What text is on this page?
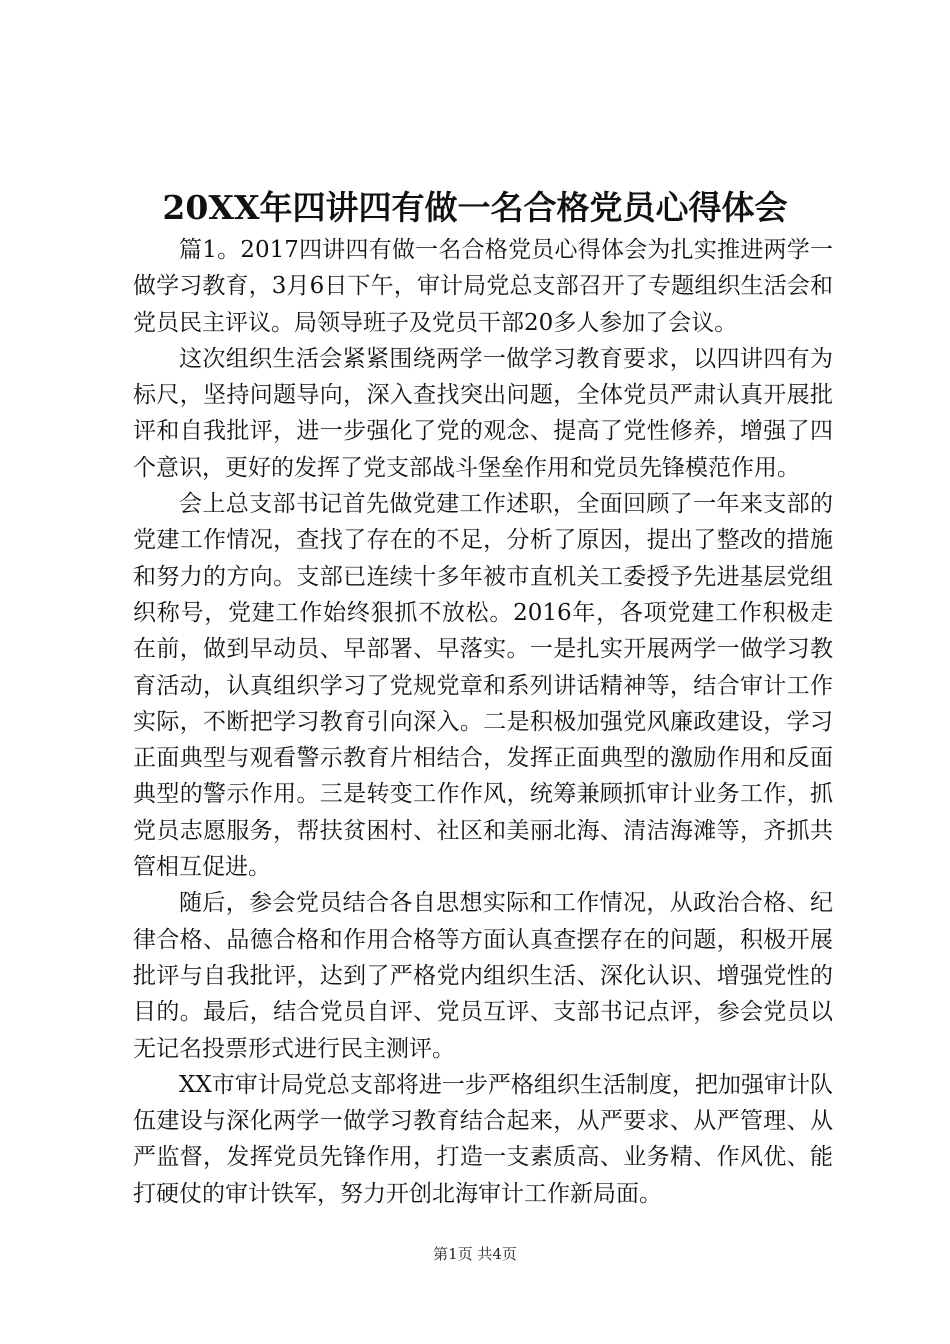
20XX年四讲四有做一名合格党员心得体会

篇1。2017四讲四有做一名合格党员心得体会为扎实推进两学一做学习教育，3月6日下午，审计局党总支部召开了专题组织生活会和党员民主评议。局领导班子及党员干部20多人参加了会议。

这次组织生活会紧紧围绕两学一做学习教育要求，以四讲四有为标尺，坚持问题导向，深入查找突出问题，全体党员严肃认真开展批评和自我批评，进一步强化了党的观念、提高了党性修养，增强了四个意识，更好的发挥了党支部战斗堡垒作用和党员先锋模范作用。

会上总支部书记首先做党建工作述职，全面回顾了一年来支部的党建工作情况，查找了存在的不足，分析了原因，提出了整改的措施和努力的方向。支部已连续十多年被市直机关工委授予先进基层党组织称号，党建工作始终狠抓不放松。2016年，各项党建工作积极走在前，做到早动员、早部署、早落实。一是扎实开展两学一做学习教育活动，认真组织学习了党规党章和系列讲话精神等，结合审计工作实际，不断把学习教育引向深入。二是积极加强党风廉政建设，学习正面典型与观看警示教育片相结合，发挥正面典型的激励作用和反面典型的警示作用。三是转变工作作风，统筹兼顾抓审计业务工作，抓党员志愿服务，帮扶贫困村、社区和美丽北海、清洁海滩等，齐抓共管相互促进。

随后，参会党员结合各自思想实际和工作情况，从政治合格、纪律合格、品德合格和作用合格等方面认真查摆存在的问题，积极开展批评与自我批评，达到了严格党内组织生活、深化认识、增强党性的目的。最后，结合党员自评、党员互评、支部书记点评，参会党员以无记名投票形式进行民主测评。

XX市审计局党总支部将进一步严格组织生活制度，把加强审计队伍建设与深化两学一做学习教育结合起来，从严要求、从严管理、从严监督，发挥党员先锋作用，打造一支素质高、业务精、作风优、能打硬仗的审计铁军，努力开创北海审计工作新局面。

第1页 共4页
